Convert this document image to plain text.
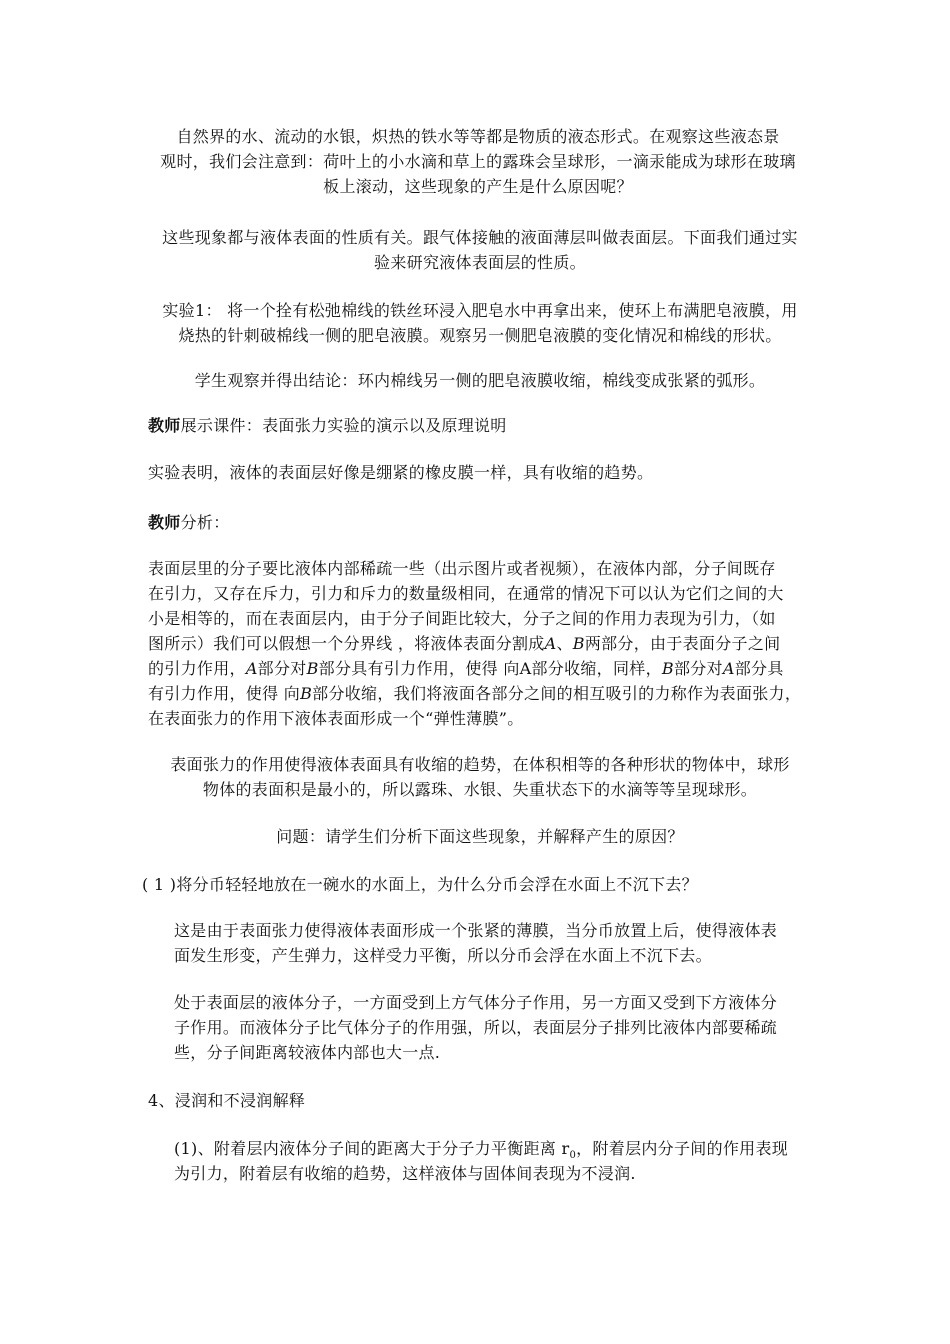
自然界的水、流动的水银，炽热的铁水等等都是物质的液态形式。在观察这些液态景
观时，我们会注意到：荷叶上的小水滴和草上的露珠会呈球形，一滴汞能成为球形在玻璃
板上滚动，这些现象的产生是什么原因呢？
这些现象都与液体表面的性质有关。跟气体接触的液面薄层叫做表面层。下面我们通过实
验来研究液体表面层的性质。
实验1： 将一个拴有松弛棉线的铁丝环浸入肥皂水中再拿出来，使环上布满肥皂液膜，用
烧热的针刺破棉线一侧的肥皂液膜。观察另一侧肥皂液膜的变化情况和棉线的形状。
学生观察并得出结论：环内棉线另一侧的肥皂液膜收缩，棉线变成张紧的弧形。
教师展示课件：表面张力实验的演示以及原理说明
实验表明，液体的表面层好像是绷紧的橡皮膜一样，具有收缩的趋势。
教师分析：
表面层里的分子要比液体内部稀疏一些（出示图片或者视频），在液体内部，分子间既存
在引力，又存在斥力，引力和斥力的数量级相同，在通常的情况下可以认为它们之间的大
小是相等的，而在表面层内，由于分子间距比较大，分子之间的作用力表现为引力，（如
图所示）我们可以假想一个分界线 ，将液体表面分割成A、B两部分，由于表面分子之间
的引力作用，A部分对B部分具有引力作用，使得 向A部分收缩，同样，B部分对A部分具
有引力作用，使得 向B部分收缩，我们将液面各部分之间的相互吸引的力称作为表面张力，
在表面张力的作用下液体表面形成一个“弹性薄膜”。
表面张力的作用使得液体表面具有收缩的趋势，在体积相等的各种形状的物体中，球形
物体的表面积是最小的，所以露珠、水银、失重状态下的水滴等等呈现球形。
问题：请学生们分析下面这些现象，并解释产生的原因？
( 1 )将分币轻轻地放在一碗水的水面上，为什么分币会浮在水面上不沉下去？
这是由于表面张力使得液体表面形成一个张紧的薄膜，当分币放置上后，使得液体表
面发生形变，产生弹力，这样受力平衡，所以分币会浮在水面上不沉下去。
处于表面层的液体分子，一方面受到上方气体分子作用，另一方面又受到下方液体分
子作用。而液体分子比气体分子的作用强，所以，表面层分子排列比液体内部要稀疏
些，分子间距离较液体内部也大一点.
4、浸润和不浸润解释
(1)、附着层内液体分子间的距离大于分子力平衡距离 $r_0$，附着层内分子间的作用表现
为引力，附着层有收缩的趋势，这样液体与固体间表现为不浸润.
